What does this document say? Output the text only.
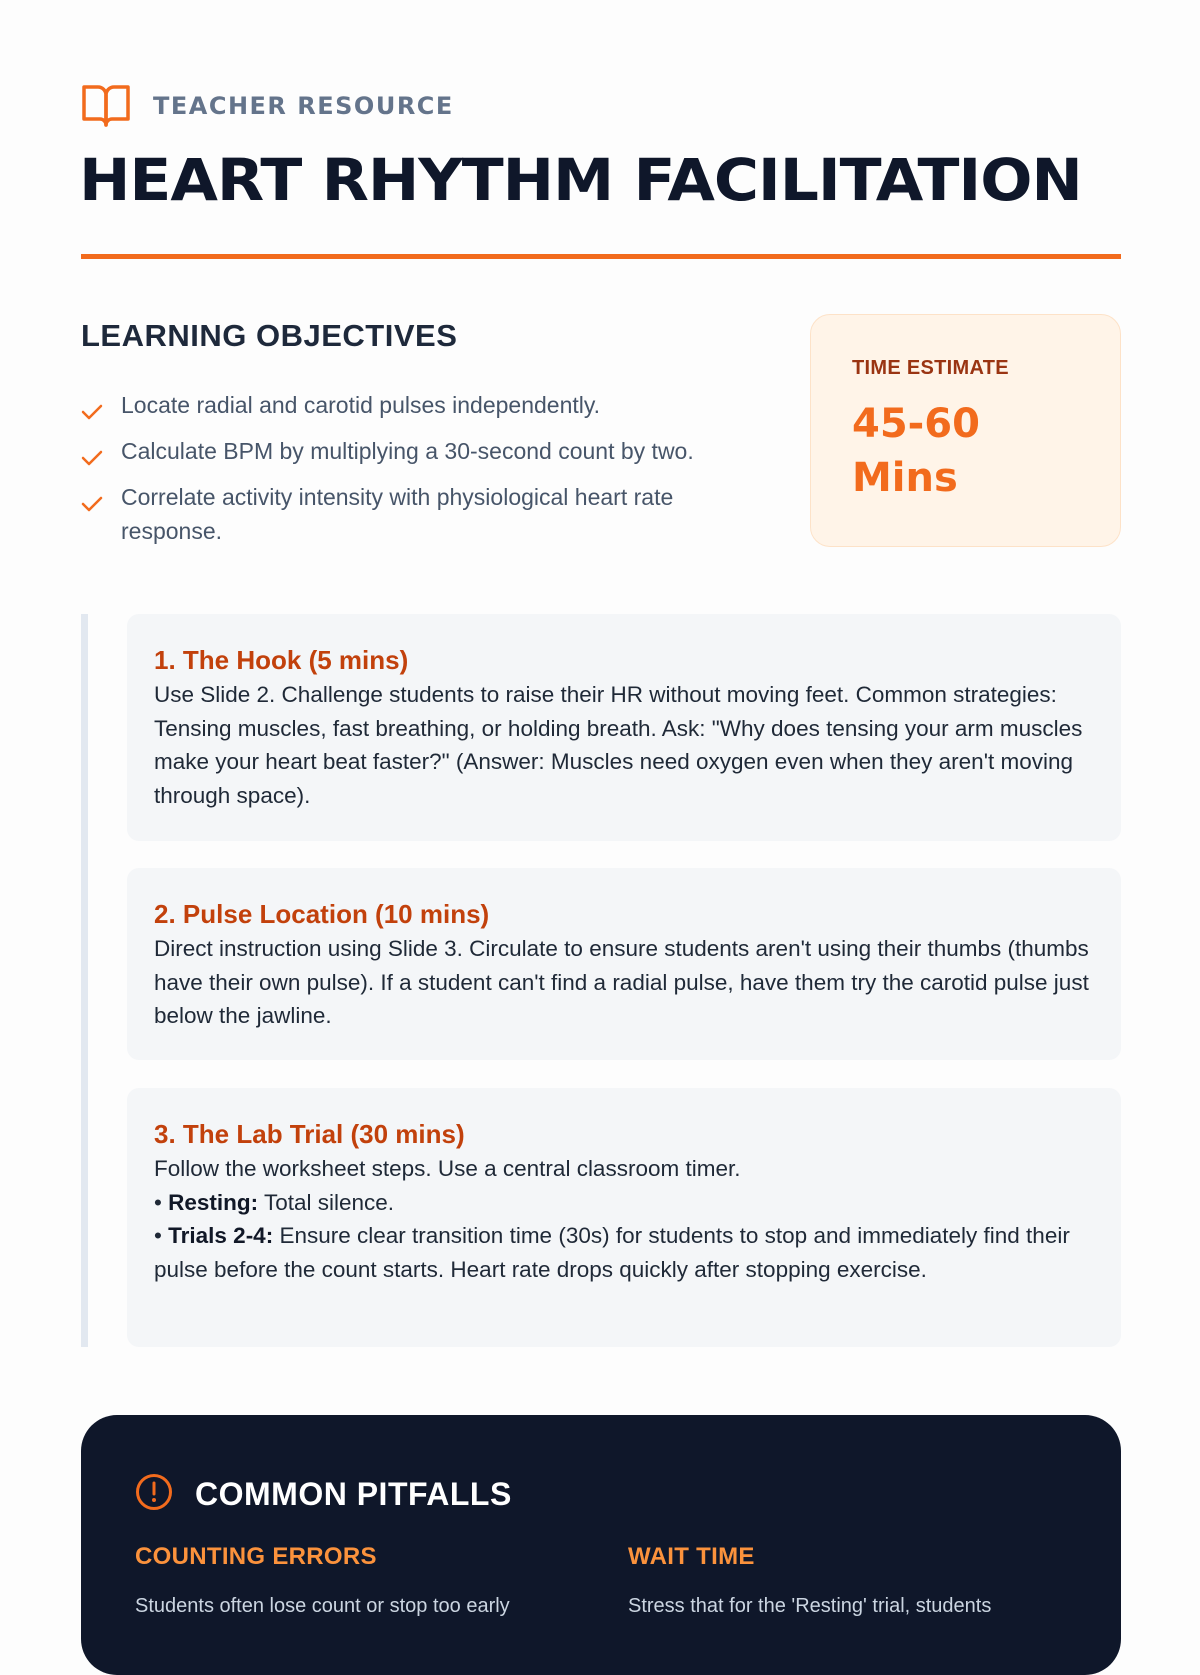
TEACHER RESOURCE
HEART RHYTHM FACILITATION
LEARNING OBJECTIVES
Locate radial and carotid pulses independently.
Calculate BPM by multiplying a 30-second count by two.
Correlate activity intensity with physiological heart rate response.
TIME ESTIMATE
45-60 Mins
1. The Hook (5 mins)
Use Slide 2. Challenge students to raise their HR without moving feet. Common strategies: Tensing muscles, fast breathing, or holding breath. Ask: "Why does tensing your arm muscles make your heart beat faster?" (Answer: Muscles need oxygen even when they aren't moving through space).
2. Pulse Location (10 mins)
Direct instruction using Slide 3. Circulate to ensure students aren't using their thumbs (thumbs have their own pulse). If a student can't find a radial pulse, have them try the carotid pulse just below the jawline.
3. The Lab Trial (30 mins)
Follow the worksheet steps. Use a central classroom timer.
• Resting: Total silence.
• Trials 2-4: Ensure clear transition time (30s) for students to stop and immediately find their pulse before the count starts. Heart rate drops quickly after stopping exercise.
COMMON PITFALLS
COUNTING ERRORS
Students often lose count or stop too early
WAIT TIME
Stress that for the 'Resting' trial, students
